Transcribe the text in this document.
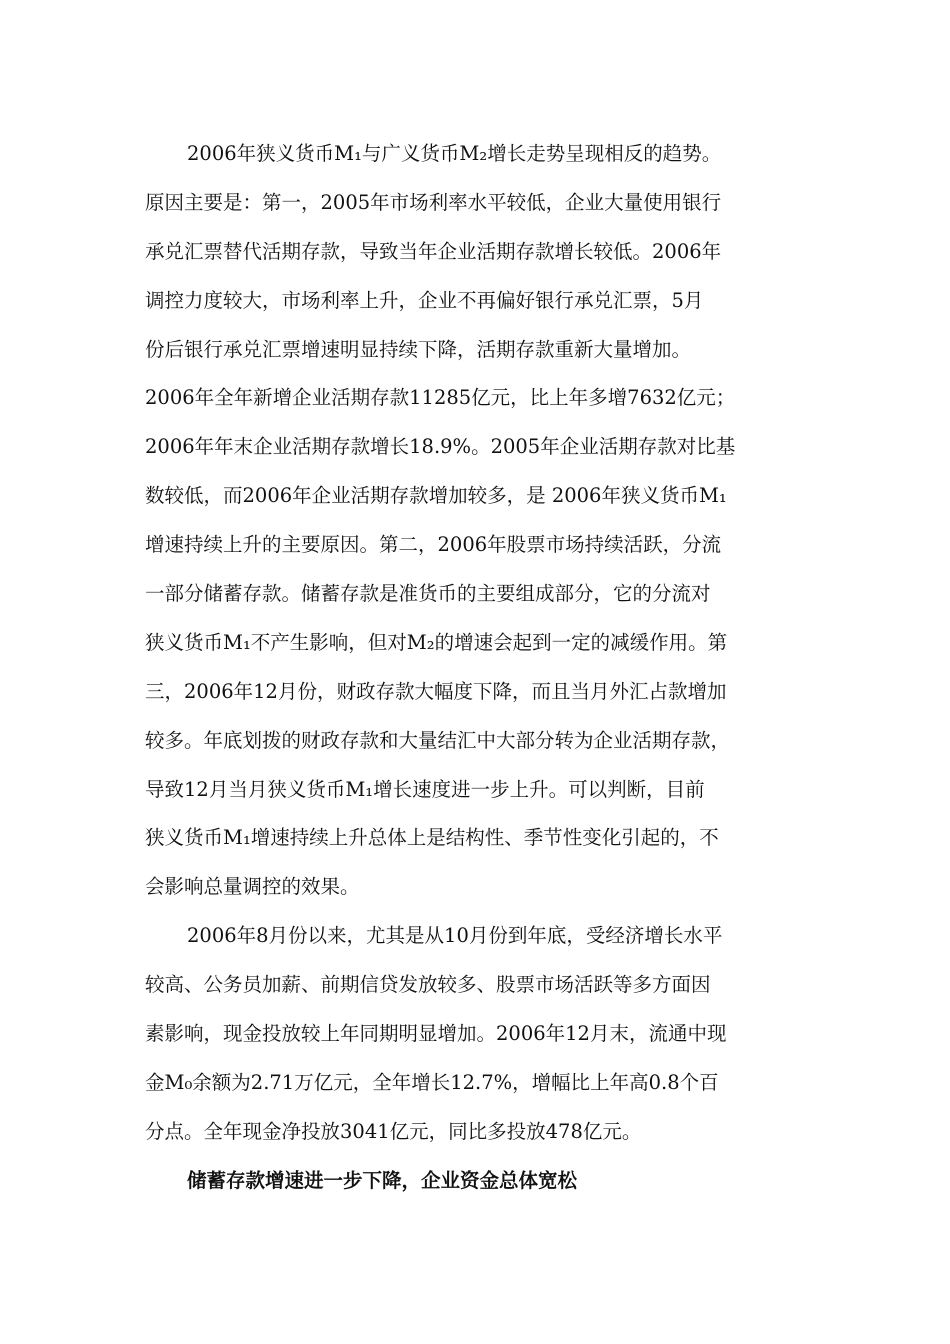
2006年狭义货币M₁与广义货币M₂增长走势呈现相反的趋势。
原因主要是：第一，2005年市场利率水平较低，企业大量使用银行
承兑汇票替代活期存款，导致当年企业活期存款增长较低。2006年
调控力度较大，市场利率上升，企业不再偏好银行承兑汇票，5月
份后银行承兑汇票增速明显持续下降，活期存款重新大量增加。
2006年全年新增企业活期存款11285亿元，比上年多增7632亿元；
2006年年末企业活期存款增长18.9%。2005年企业活期存款对比基
数较低，而2006年企业活期存款增加较多，是 2006年狭义货币M₁
增速持续上升的主要原因。第二，2006年股票市场持续活跃，分流
一部分储蓄存款。储蓄存款是准货币的主要组成部分，它的分流对
狭义货币M₁不产生影响，但对M₂的增速会起到一定的减缓作用。第
三，2006年12月份，财政存款大幅度下降，而且当月外汇占款增加
较多。年底划拨的财政存款和大量结汇中大部分转为企业活期存款，
导致12月当月狭义货币M₁增长速度进一步上升。可以判断，目前
狭义货币M₁增速持续上升总体上是结构性、季节性变化引起的，不
会影响总量调控的效果。
2006年8月份以来，尤其是从10月份到年底，受经济增长水平
较高、公务员加薪、前期信贷发放较多、股票市场活跃等多方面因
素影响，现金投放较上年同期明显增加。2006年12月末，流通中现
金M₀余额为2.71万亿元，全年增长12.7%，增幅比上年高0.8个百
分点。全年现金净投放3041亿元，同比多投放478亿元。
储蓄存款增速进一步下降，企业资金总体宽松
